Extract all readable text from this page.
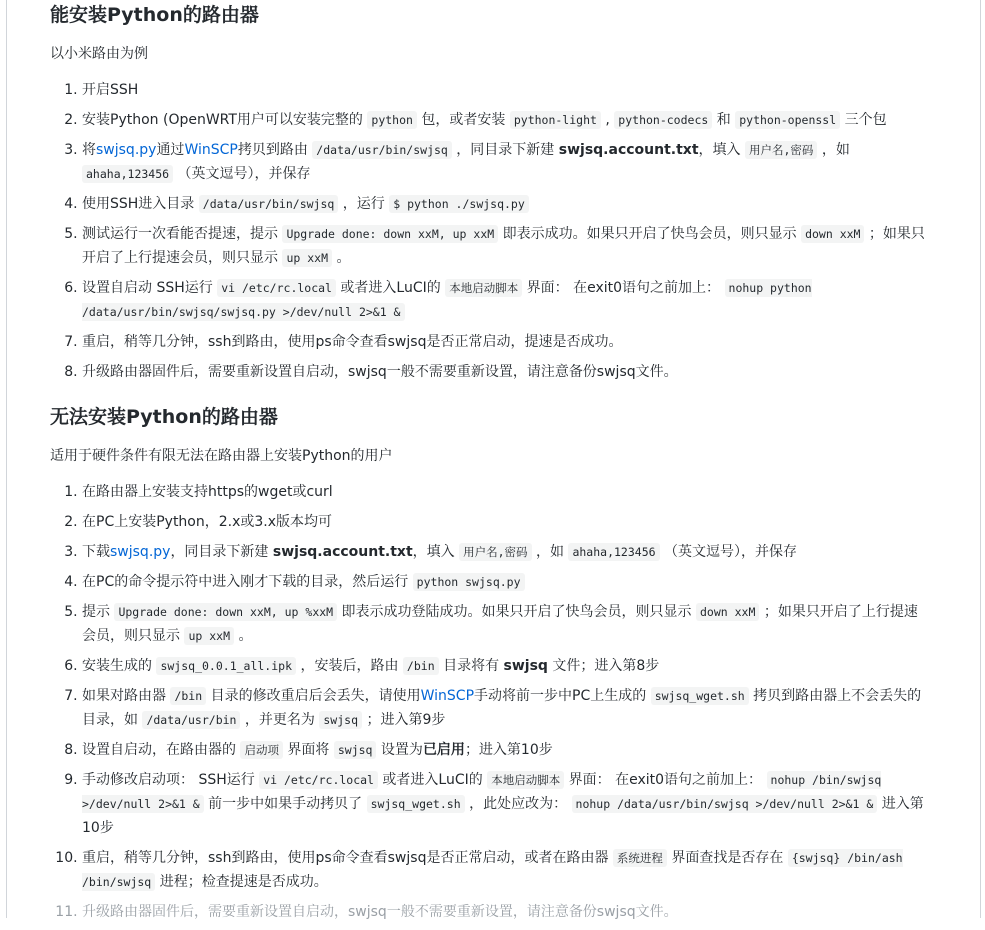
能安装Python的路由器

以小米路由为例

1. 开启SSH
2. 安装Python (OpenWRT用户可以安装完整的 python 包，或者安装 python-light , python-codecs 和 python-openssl 三个包
3. 将swjsq.py通过WinSCP拷贝到路由 /data/usr/bin/swjsq ，同目录下新建 swjsq.account.txt，填入 用户名,密码 ，如 ahaha,123456 （英文逗号），并保存
4. 使用SSH进入目录 /data/usr/bin/swjsq ，运行 $ python ./swjsq.py
5. 测试运行一次看能否提速，提示 Upgrade done: down xxM, up xxM 即表示成功。如果只开启了快鸟会员，则只显示 down xxM ；如果只开启了上行提速会员，则只显示 up xxM 。
6. 设置自启动 SSH运行 vi /etc/rc.local 或者进入LuCI的 本地启动脚本 界面： 在exit0语句之前加上： nohup python /data/usr/bin/swjsq/swjsq.py >/dev/null 2>&1 &
7. 重启，稍等几分钟，ssh到路由，使用ps命令查看swjsq是否正常启动，提速是否成功。
8. 升级路由器固件后，需要重新设置自启动，swjsq一般不需要重新设置，请注意备份swjsq文件。
无法安装Python的路由器

适用于硬件条件有限无法在路由器上安装Python的用户

1. 在路由器上安装支持https的wget或curl
2. 在PC上安装Python，2.x或3.x版本均可
3. 下载swjsq.py，同目录下新建 swjsq.account.txt，填入 用户名,密码 ，如 ahaha,123456 （英文逗号），并保存
4. 在PC的命令提示符中进入刚才下载的目录，然后运行 python swjsq.py
5. 提示 Upgrade done: down xxM, up %xxM 即表示成功登陆成功。如果只开启了快鸟会员，则只显示 down xxM ；如果只开启了上行提速会员，则只显示 up xxM 。
6. 安装生成的 swjsq_0.0.1_all.ipk ，安装后，路由 /bin 目录将有 swjsq 文件；进入第8步
7. 如果对路由器 /bin 目录的修改重启后会丢失，请使用WinSCP手动将前一步中PC上生成的 swjsq_wget.sh 拷贝到路由器上不会丢失的目录，如 /data/usr/bin ，并更名为 swjsq ；进入第9步
8. 设置自启动，在路由器的 启动项 界面将 swjsq 设置为已启用；进入第10步
9. 手动修改启动项： SSH运行 vi /etc/rc.local 或者进入LuCI的 本地启动脚本 界面： 在exit0语句之前加上： nohup /bin/swjsq >/dev/null 2>&1 & 前一步中如果手动拷贝了 swjsq_wget.sh ，此处应改为： nohup /data/usr/bin/swjsq >/dev/null 2>&1 & 进入第10步
10. 重启，稍等几分钟，ssh到路由，使用ps命令查看swjsq是否正常启动，或者在路由器 系统进程 界面查找是否存在 {swjsq} /bin/ash /bin/swjsq 进程；检查提速是否成功。
11. 升级路由器固件后，需要重新设置自启动，swjsq一般不需要重新设置，请注意备份swjsq文件。
